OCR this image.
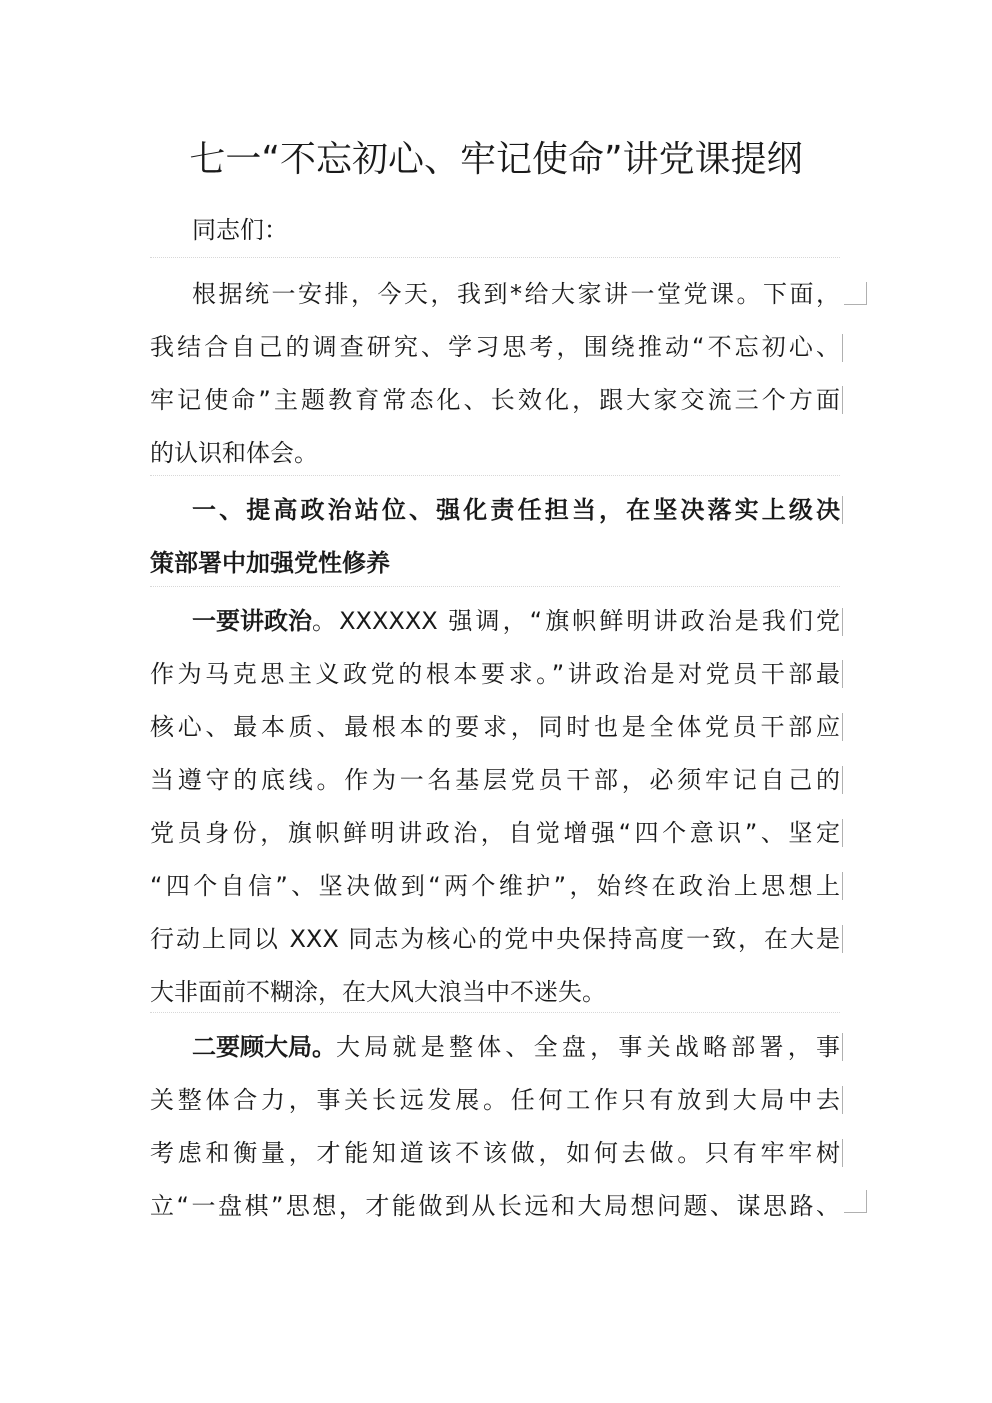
七一“不忘初心、牢记使命”讲党课提纲

同志们：

根据统一安排，今天，我到*给大家讲一堂党课。下面，

我结合自己的调查研究、学习思考，围绕推动“不忘初心、

牢记使命”主题教育常态化、长效化，跟大家交流三个方面

的认识和体会。

一、提高政治站位、强化责任担当，在坚决落实上级决

策部署中加强党性修养

一要讲政治 。XXXXXX 强调，“旗帜鲜明讲政治是我们党

作为马克思主义政党的根本要求。”讲政治是对党员干部最

核心、最本质、最根本的要求，同时也是全体党员干部应

当遵守的底线。作为一名基层党员干部，必须牢记自己的

党员身份，旗帜鲜明讲政治，自觉增强“四个意识”、坚定

“四个自信”、坚决做到“两个维护”，始终在政治上思想上

行动上同以 XXX 同志为核心的党中央保持高度一致，在大是

大非面前不糊涂，在大风大浪当中不迷失。

二要顾大局。 大局就是整体、全盘，事关战略部署，事

关整体合力，事关长远发展。任何工作只有放到大局中去

考虑和衡量，才能知道该不该做，如何去做。只有牢牢树

立“一盘棋”思想，才能做到从长远和大局想问题、谋思路、
